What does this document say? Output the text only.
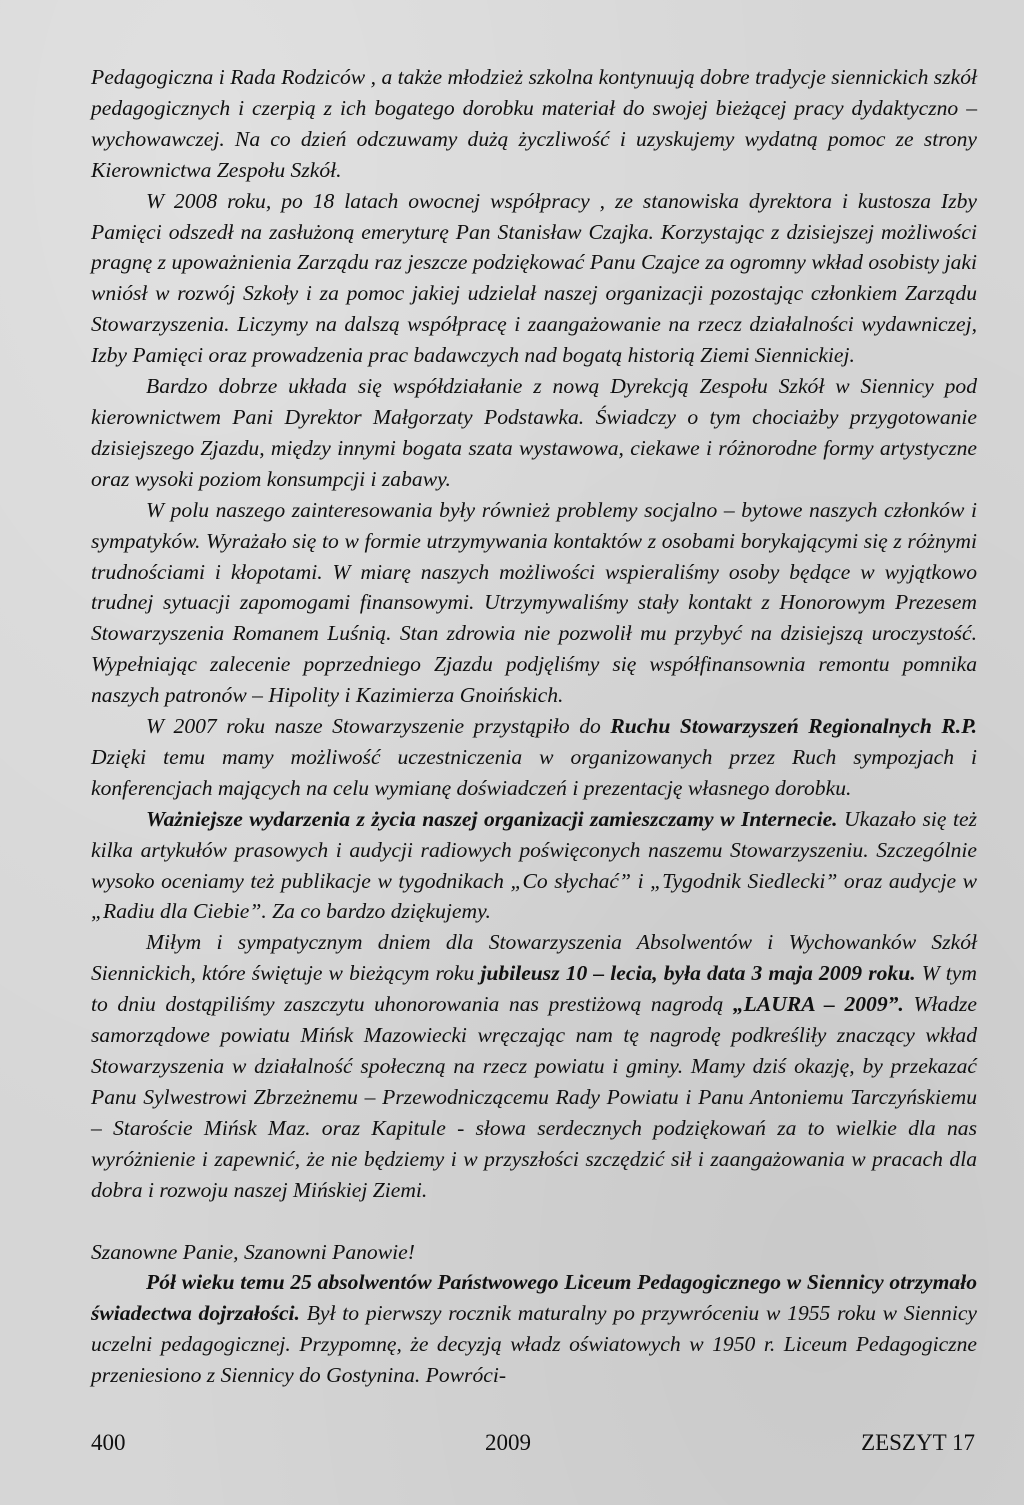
Pedagogiczna i Rada Rodziców , a także młodzież szkolna kontynuują dobre tradycje siennickich szkół pedagogicznych i czerpią z ich bogatego dorobku materiał do swojej bieżącej pracy dydaktyczno – wychowawczej. Na co dzień odczuwamy dużą życzliwość i uzyskujemy wydatną pomoc ze strony Kierownictwa Zespołu Szkół.

W 2008 roku, po 18 latach owocnej współpracy , ze stanowiska dyrektora i kustosza Izby Pamięci odszedł na zasłużoną emeryturę Pan Stanisław Czajka. Korzystając z dzisiejszej możliwości pragnę z upoważnienia Zarządu raz jeszcze podziękować Panu Czajce za ogromny wkład osobisty jaki wniósł w rozwój Szkoły i za pomoc jakiej udzielał naszej organizacji pozostając członkiem Zarządu Stowarzyszenia. Liczymy na dalszą współpracę i zaangażowanie na rzecz działalności wydawniczej, Izby Pamięci oraz prowadzenia prac badawczych nad bogatą historią Ziemi Siennickiej.

Bardzo dobrze układa się współdziałanie z nową Dyrekcją Zespołu Szkół w Siennicy pod kierownictwem Pani Dyrektor Małgorzaty Podstawka. Świadczy o tym chociażby przygotowanie dzisiejszego Zjazdu, między innymi bogata szata wystawowa, ciekawe i różnorodne formy artystyczne oraz wysoki poziom konsumpcji i zabawy.

W polu naszego zainteresowania były również problemy socjalno – bytowe naszych członków i sympatyków. Wyrażało się to w formie utrzymywania kontaktów z osobami borykającymi się z różnymi trudnościami i kłopotami. W miarę naszych możliwości wspieraliśmy osoby będące w wyjątkowo trudnej sytuacji zapomogami finansowymi. Utrzymywaliśmy stały kontakt z Honorowym Prezesem Stowarzyszenia Romanem Luśnią. Stan zdrowia nie pozwolił mu przybyć na dzisiejszą uroczystość. Wypełniając zalecenie poprzedniego Zjazdu podjęliśmy się współfinansownia remontu pomnika naszych patronów – Hipolity i Kazimierza Gnoińskich.

W 2007 roku nasze Stowarzyszenie przystąpiło do Ruchu Stowarzyszeń Regionalnych R.P. Dzięki temu mamy możliwość uczestniczenia w organizowanych przez Ruch sympozjach i konferencjach mających na celu wymianę doświadczeń i prezentację własnego dorobku.

Ważniejsze wydarzenia z życia naszej organizacji zamieszczamy w Internecie. Ukazało się też kilka artykułów prasowych i audycji radiowych poświęconych naszemu Stowarzyszeniu. Szczególnie wysoko oceniamy też publikacje w tygodnikach „Co słychać” i „Tygodnik Siedlecki” oraz audycje w „Radiu dla Ciebie”. Za co bardzo dziękujemy.

Miłym i sympatycznym dniem dla Stowarzyszenia Absolwentów i Wychowanków Szkół Siennickich, które świętuje w bieżącym roku jubileusz 10 – lecia, była data 3 maja 2009 roku. W tym to dniu dostąpiliśmy zaszczytu uhonorowania nas prestiżową nagrodą „LAURA – 2009”. Władze samorządowe powiatu Mińsk Mazowiecki wręczając nam tę nagrodę podkreśliły znaczący wkład Stowarzyszenia w działalność społeczną na rzecz powiatu i gminy. Mamy dziś okazję, by przekazać Panu Sylwestrowi Zbrzeżnemu – Przewodniczącemu Rady Powiatu i Panu Antoniemu Tarczyńskiemu – Staroście Mińsk Maz. oraz Kapitule - słowa serdecznych podziękowań za to wielkie dla nas wyróżnienie i zapewnić, że nie będziemy i w przyszłości szczędzić sił i zaangażowania w pracach dla dobra i rozwoju naszej Mińskiej Ziemi.

Szanowne Panie, Szanowni Panowie!

Pół wieku temu 25 absolwentów Państwowego Liceum Pedagogicznego w Siennicy otrzymało świadectwa dojrzałości. Był to pierwszy rocznik maturalny po przywróceniu w 1955 roku w Siennicy uczelni pedagogicznej. Przypomnę, że decyzją władz oświatowych w 1950 r. Liceum Pedagogiczne przeniesiono z Siennicy do Gostynina. Powróci-

400	2009	ZESZYT 17
